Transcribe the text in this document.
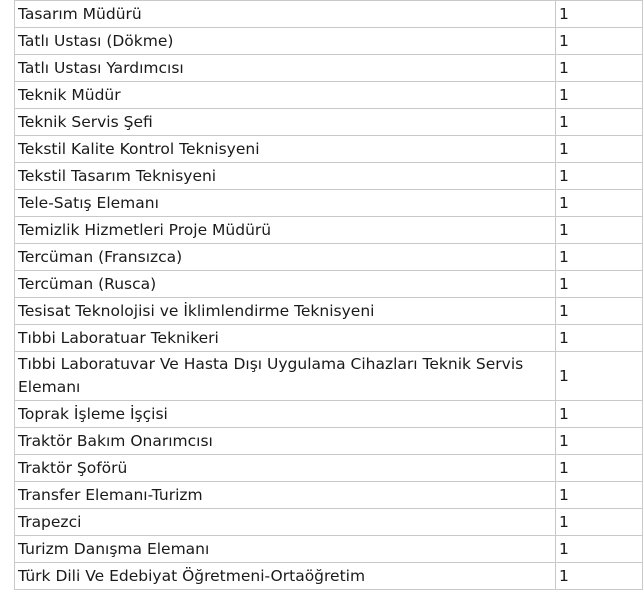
Tasarım Müdürü	1
Tatlı Ustası (Dökme)	1
Tatlı Ustası Yardımcısı	1
Teknik Müdür	1
Teknik Servis Şefi	1
Tekstil Kalite Kontrol Teknisyeni	1
Tekstil Tasarım Teknisyeni	1
Tele-Satış Elemanı	1
Temizlik Hizmetleri Proje Müdürü	1
Tercüman (Fransızca)	1
Tercüman (Rusca)	1
Tesisat Teknolojisi ve İklimlendirme Teknisyeni	1
Tıbbi Laboratuar Teknikeri	1
Tıbbi Laboratuvar Ve Hasta Dışı Uygulama Cihazları Teknik Servis Elemanı	1
Toprak İşleme İşçisi	1
Traktör Bakım Onarımcısı	1
Traktör Şoförü	1
Transfer Elemanı-Turizm	1
Trapezci	1
Turizm Danışma Elemanı	1
Türk Dili Ve Edebiyat Öğretmeni-Ortaöğretim	1
